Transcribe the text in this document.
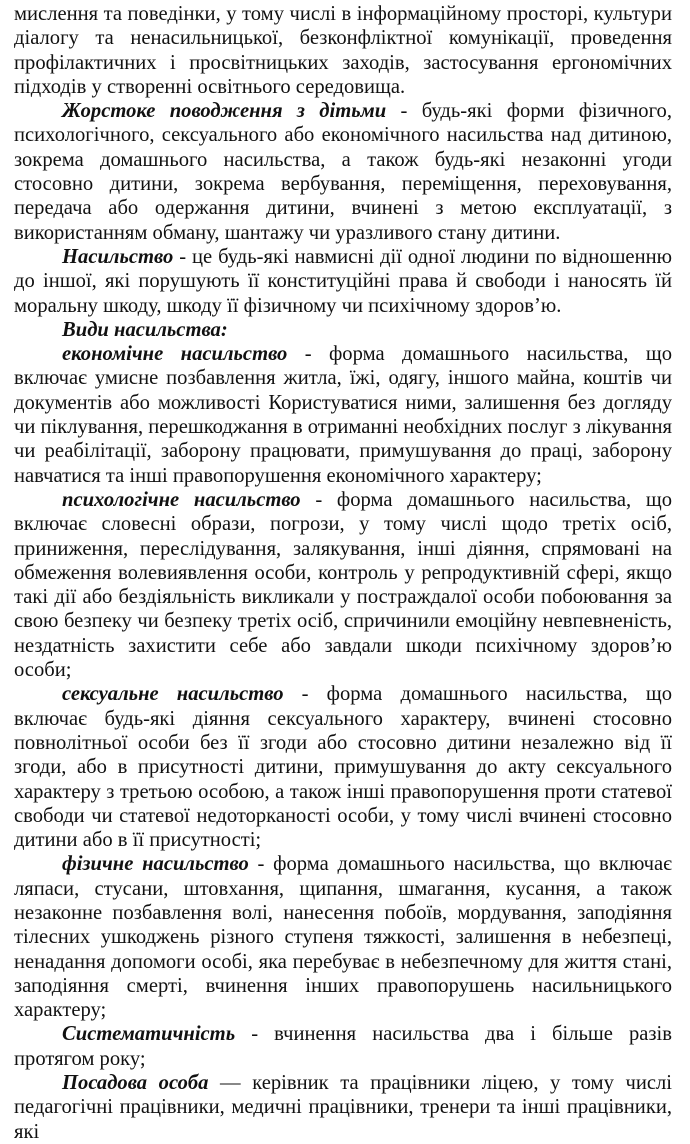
мислення та поведінки, у тому числі в інформаційному просторі, культури діалогу та ненасильницької, безконфліктної комунікації, проведення профілактичних і просвітницьких заходів, застосування ергономічних підходів у створенні освітнього середовища.

Жорстоке поводження з дітьми - будь-які форми фізичного, психологічного, сексуального або економічного насильства над дитиною, зокрема домашнього насильства, а також будь-які незаконні угоди стосовно дитини, зокрема вербування, переміщення, переховування, передача або одержання дитини, вчинені з метою експлуатації, з використанням обману, шантажу чи уразливого стану дитини.

Насильство - це будь-які навмисні дії одної людини по відношенню до іншої, які порушують її конституційні права й свободи і наносять їй моральну шкоду, шкоду її фізичному чи психічному здоров’ю.

Види насильства:

економічне насильство - форма домашнього насильства, що включає умисне позбавлення житла, їжі, одягу, іншого майна, коштів чи документів або можливості Користуватися ними, залишення без догляду чи піклування, перешкоджання в отриманні необхідних послуг з лікування чи реабілітації, заборону працювати, примушування до праці, заборону навчатися та інші правопорушення економічного характеру;

психологічне насильство - форма домашнього насильства, що включає словесні образи, погрози, у тому числі щодо третіх осіб, приниження, переслідування, залякування, інші діяння, спрямовані на обмеження волевиявлення особи, контроль у репродуктивній сфері, якщо такі дії або бездіяльність викликали у постраждалої особи побоювання за свою безпеку чи безпеку третіх осіб, спричинили емоційну невпевненість, нездатність захистити себе або завдали шкоди психічному здоров’ю особи;

сексуальне насильство - форма домашнього насильства, що включає будь-які діяння сексуального характеру, вчинені стосовно повнолітньої особи без її згоди або стосовно дитини незалежно від її згоди, або в присутності дитини, примушування до акту сексуального характеру з третьою особою, а також інші правопорушення проти статевої свободи чи статевої недоторканості особи, у тому числі вчинені стосовно дитини або в її присутності;

фізичне насильство - форма домашнього насильства, що включає ляпаси, стусани, штовхання, щипання, шмагання, кусання, а також незаконне позбавлення волі, нанесення побоїв, мордування, заподіяння тілесних ушкоджень різного ступеня тяжкості, залишення в небезпеці, ненадання допомоги особі, яка перебуває в небезпечному для життя стані, заподіяння смерті, вчинення інших правопорушень насильницького характеру;

Систематичність - вчинення насильства два і більше разів протягом року;

Посадова особа — керівник та працівники ліцею, у тому числі педагогічні працівники, медичні працівники, тренери та інші працівники, які
